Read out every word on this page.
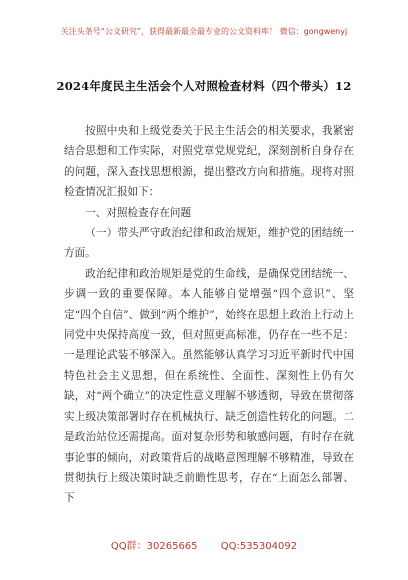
关注头条号“公文研究”，获得最新最全最专业的公文资料库！ 微信：gongwenyj
2024年度民主生活会个人对照检查材料（四个带头）12

按照中央和上级党委关于民主生活会的相关要求，我紧密结合思想和工作实际，对照党章党规党纪，深刻剖析自身存在的问题，深入查找思想根源，提出整改方向和措施。现将对照检查情况汇报如下：

一、对照检查存在问题

（一）带头严守政治纪律和政治规矩，维护党的团结统一方面。

政治纪律和政治规矩是党的生命线，是确保党团结统一、步调一致的重要保障。本人能够自觉增强“四个意识”、坚定“四个自信”、做到“两个维护”，始终在思想上政治上行动上同党中央保持高度一致，但对照更高标准，仍存在一些不足：一是理论武装不够深入。虽然能够认真学习习近平新时代中国特色社会主义思想，但在系统性、全面性、深刻性上仍有欠缺，对“两个确立”的决定性意义理解不够透彻，导致在贯彻落实上级决策部署时存在机械执行、缺乏创造性转化的问题。二是政治站位还需提高。面对复杂形势和敏感问题，有时存在就事论事的倾向，对政策背后的战略意图理解不够精准，导致在贯彻执行上级决策时缺乏前瞻性思考，存在“上面怎么部署、下

QQ群：30265665 QQ:535304092
